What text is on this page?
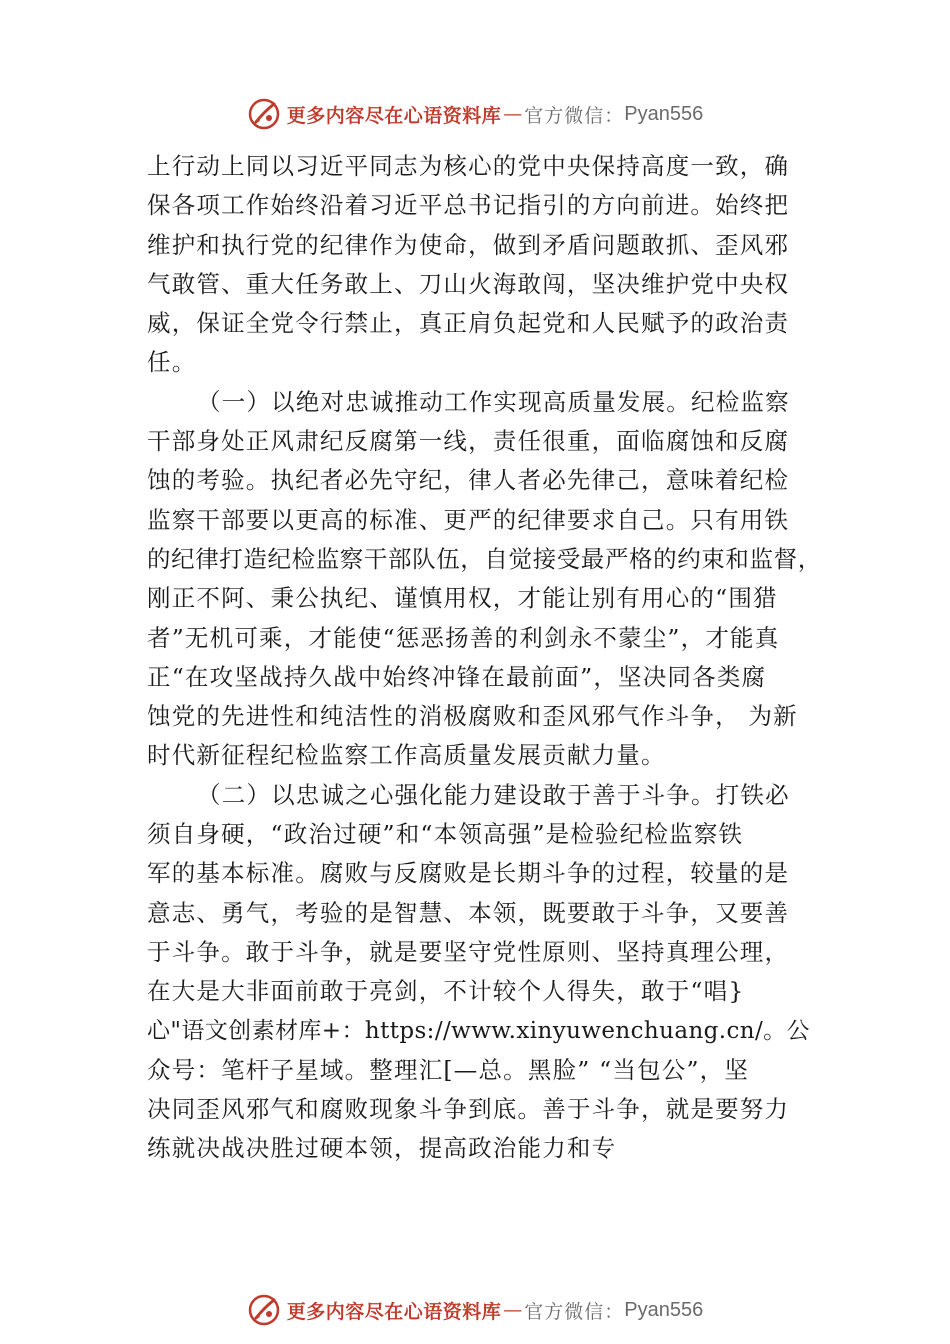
更多内容尽在心语资料库 — 官方微信： Pyan556
上行动上同以习近平同志为核心的党中央保持高度一致，确
保各项工作始终沿着习近平总书记指引的方向前进。始终把
维护和执行党的纪律作为使命，做到矛盾问题敢抓、歪风邪
气敢管、重大任务敢上、刀山火海敢闯，坚决维护党中央权
威，保证全党令行禁止，真正肩负起党和人民赋予的政治责
任。
（一）以绝对忠诚推动工作实现高质量发展。纪检监察
干部身处正风肃纪反腐第一线，责任很重，面临腐蚀和反腐
蚀的考验。执纪者必先守纪，律人者必先律己，意味着纪检
监察干部要以更高的标准、更严的纪律要求自己。只有用铁
的纪律打造纪检监察干部队伍，自觉接受最严格的约束和监督，
刚正不阿、秉公执纪、谨慎用权，才能让别有用心的“围猎
者”无机可乘，才能使“惩恶扬善的利剑永不蒙尘”，才能真
正“在攻坚战持久战中始终冲锋在最前面”，坚决同各类腐
蚀党的先进性和纯洁性的消极腐败和歪风邪气作斗争， 为新
时代新征程纪检监察工作高质量发展贡献力量。
（二）以忠诚之心强化能力建设敢于善于斗争。打铁必
须自身硬，“政治过硬”和“本领高强”是检验纪检监察铁
军的基本标准。腐败与反腐败是长期斗争的过程，较量的是
意志、勇气，考验的是智慧、本领，既要敢于斗争，又要善
于斗争。敢于斗争，就是要坚守党性原则、坚持真理公理，
在大是大非面前敢于亮剑，不计较个人得失，敢于“唱}
心"语文创素材库+：https://www.xinyuwenchuang.cn/。公
众号：笔杆子星域。整理汇[—总。黑脸” “当包公”，坚
决同歪风邪气和腐败现象斗争到底。善于斗争，就是要努力
练就决战决胜过硬本领，提高政治能力和专
更多内容尽在心语资料库 — 官方微信： Pyan556
